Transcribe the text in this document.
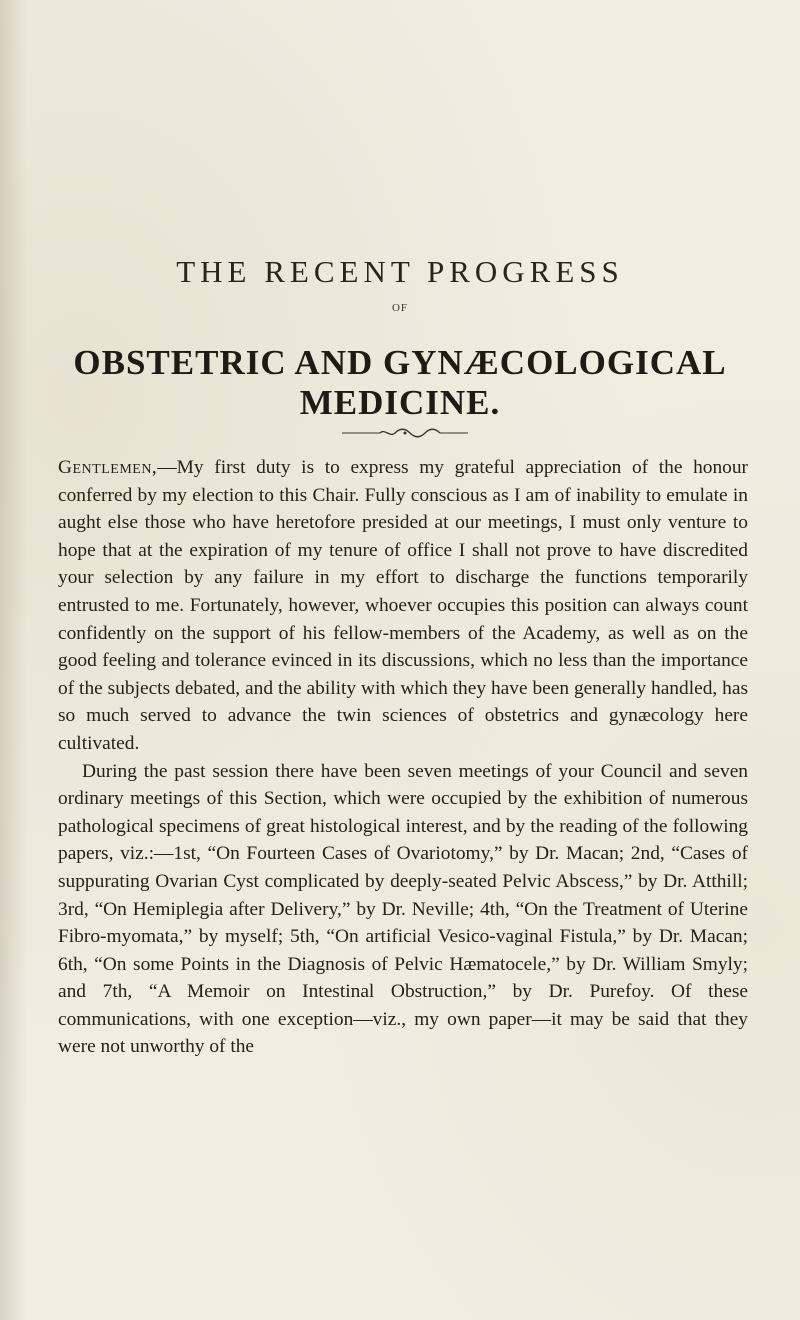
THE RECENT PROGRESS
OF
OBSTETRIC AND GYNÆCOLOGICAL MEDICINE.

Gentlemen,—My first duty is to express my grateful appreciation of the honour conferred by my election to this Chair. Fully conscious as I am of inability to emulate in aught else those who have heretofore presided at our meetings, I must only venture to hope that at the expiration of my tenure of office I shall not prove to have discredited your selection by any failure in my effort to discharge the functions temporarily entrusted to me. Fortunately, however, whoever occupies this position can always count confidently on the support of his fellow-members of the Academy, as well as on the good feeling and tolerance evinced in its discussions, which no less than the importance of the subjects debated, and the ability with which they have been generally handled, has so much served to advance the twin sciences of obstetrics and gynæcology here cultivated.

During the past session there have been seven meetings of your Council and seven ordinary meetings of this Section, which were occupied by the exhibition of numerous pathological specimens of great histological interest, and by the reading of the following papers, viz.:—1st, “On Fourteen Cases of Ovariotomy,” by Dr. Macan; 2nd, “Cases of suppurating Ovarian Cyst complicated by deeply-seated Pelvic Abscess,” by Dr. Atthill; 3rd, “On Hemiplegia after Delivery,” by Dr. Neville; 4th, “On the Treatment of Uterine Fibro-myomata,” by myself; 5th, “On artificial Vesico-vaginal Fistula,” by Dr. Macan; 6th, “On some Points in the Diagnosis of Pelvic Hæmatocele,” by Dr. William Smyly; and 7th, “A Memoir on Intestinal Obstruction,” by Dr. Purefoy. Of these communications, with one exception—viz., my own paper—it may be said that they were not unworthy of the
